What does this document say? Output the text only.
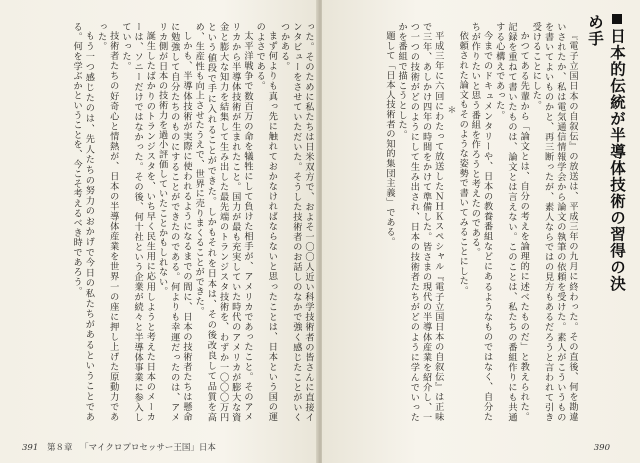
った。そのために私たちは日米双方で、およそ一〇〇人近い科学技術者の皆さんに直接インタビューをさせていただいた。そうした技術者のお話しのなかで強く感じたことがいくつかある。

まず何よりも真っ先に触れておかなければならないと思ったことは、日本という国の運のよさである。

太平洋戦争で数百万の命を犠牲にして負けた相手が、アメリカであったこと。そのアメリカから半導体技術が生まれたこと。国力が最も充実していた時代のアメリカが膨大な資金と膨大な知力を結集して生み出した最先端のトランジスタ技術を、わずか一〇〇〇万円という値段で手に入れることができた。しかもそれを日本は、その後改良して品質を高め、生産性も向上させたうえで、世界に売りまくることができた。

しかも、半導体技術が実際に使われるようになるまでの間に、日本の技術者たちは懸命に勉強して自分たちのものにすることができたのである。何よりも幸運だったのは、アメリカ側が日本の技術力を過小評価していたことかもしれない。

誕生したばかりのトランジスタを、いち早く民生用に応用しようと考えた日本のメーカーは、ソニーだけではなかった。その後、何十社という企業が続々と半導体事業に参入していった。

技術者たちの好奇心と情熱が、日本の半導体産業を世界一の座に押し上げた原動力であった。

もう一つ感じたのは、先人たちの努力のおかげで今日の私たちがあるということである。何を学ぶかということを、今こそ考えるべき時であろう。

391 第８章 「マイクロプロセッサー王国」日本
日本的伝統が半導体技術の習得の決め手

『電子立国日本の自叙伝』の放送は、平成三年の九月に終わった。その直後、何を勘違いされたか、私は電気通信情報学会から論文の執筆の依頼を受けた。素人がこういうものを書いてよいものかと、再三断ったが、素人ならではの見方もあるだろうと言われて引き受けることにした。

かつてある先輩から「論文とは、自分の考えを論理的に述べたものだ」と教えられた。記録を重ねて書いたものは、論文とは言えない。このことは、私たちの番組作りにも共通する心構えであった。

今までのドキュメンタリーや、日本の教養番組などにあるようなものではなく、自分たちが作りたいと思う番組を作ろうと考えたのである。

依頼された論文もそのような姿勢で書いてみることにした。

＊

平成三年に六回にわたって放送したＮＨＫスペシャル『電子立国日本の自叙伝』は正味で三年、あしかけ四年の時間をかけて準備した。皆さまの現代の半導体産業を紹介し、一つ一つの技術がどのようにして生み出され、日本の技術者たちがどのように学んでいったかを番組で描こうとした。

題して「日本人技術者の知的集団主義」である。

390
